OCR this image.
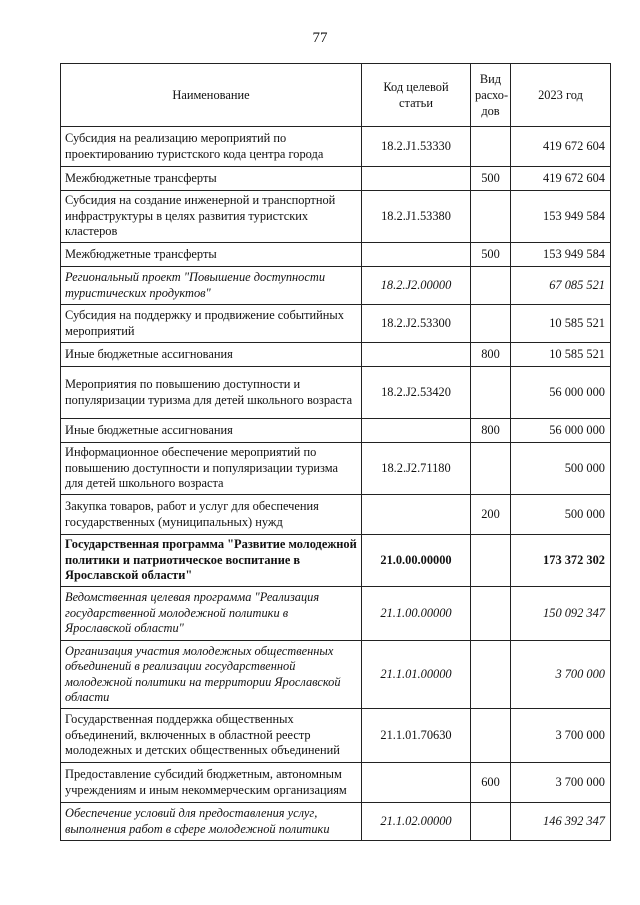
77
Наименование	Код целевой статьи	Вид расхо-дов	2023 год
Субсидия на реализацию мероприятий по проектированию туристского кода центра города	18.2.J1.53330		419 672 604
Межбюджетные трансферты		500	419 672 604
Субсидия на создание инженерной и транспортной инфраструктуры в целях развития туристских кластеров	18.2.J1.53380		153 949 584
Межбюджетные трансферты		500	153 949 584
Региональный проект "Повышение доступности туристических продуктов"	18.2.J2.00000		67 085 521
Субсидия на поддержку и продвижение событийных мероприятий	18.2.J2.53300		10 585 521
Иные бюджетные ассигнования		800	10 585 521
Мероприятия по повышению доступности и популяризации туризма для детей школьного возраста	18.2.J2.53420		56 000 000
Иные бюджетные ассигнования		800	56 000 000
Информационное обеспечение мероприятий по повышению доступности и популяризации туризма для детей школьного возраста	18.2.J2.71180		500 000
Закупка товаров, работ и услуг для обеспечения государственных (муниципальных) нужд		200	500 000
Государственная программа "Развитие молодежной политики и патриотическое воспитание в Ярославской области"	21.0.00.00000		173 372 302
Ведомственная целевая программа "Реализация государственной молодежной политики в Ярославской области"	21.1.00.00000		150 092 347
Организация участия молодежных общественных объединений в реализации государственной молодежной политики на территории Ярославской области	21.1.01.00000		3 700 000
Государственная поддержка общественных объединений, включенных в областной реестр молодежных и детских общественных объединений	21.1.01.70630		3 700 000
Предоставление субсидий бюджетным, автономным учреждениям и иным некоммерческим организациям		600	3 700 000
Обеспечение условий для предоставления услуг, выполнения работ в сфере молодежной политики	21.1.02.00000		146 392 347
